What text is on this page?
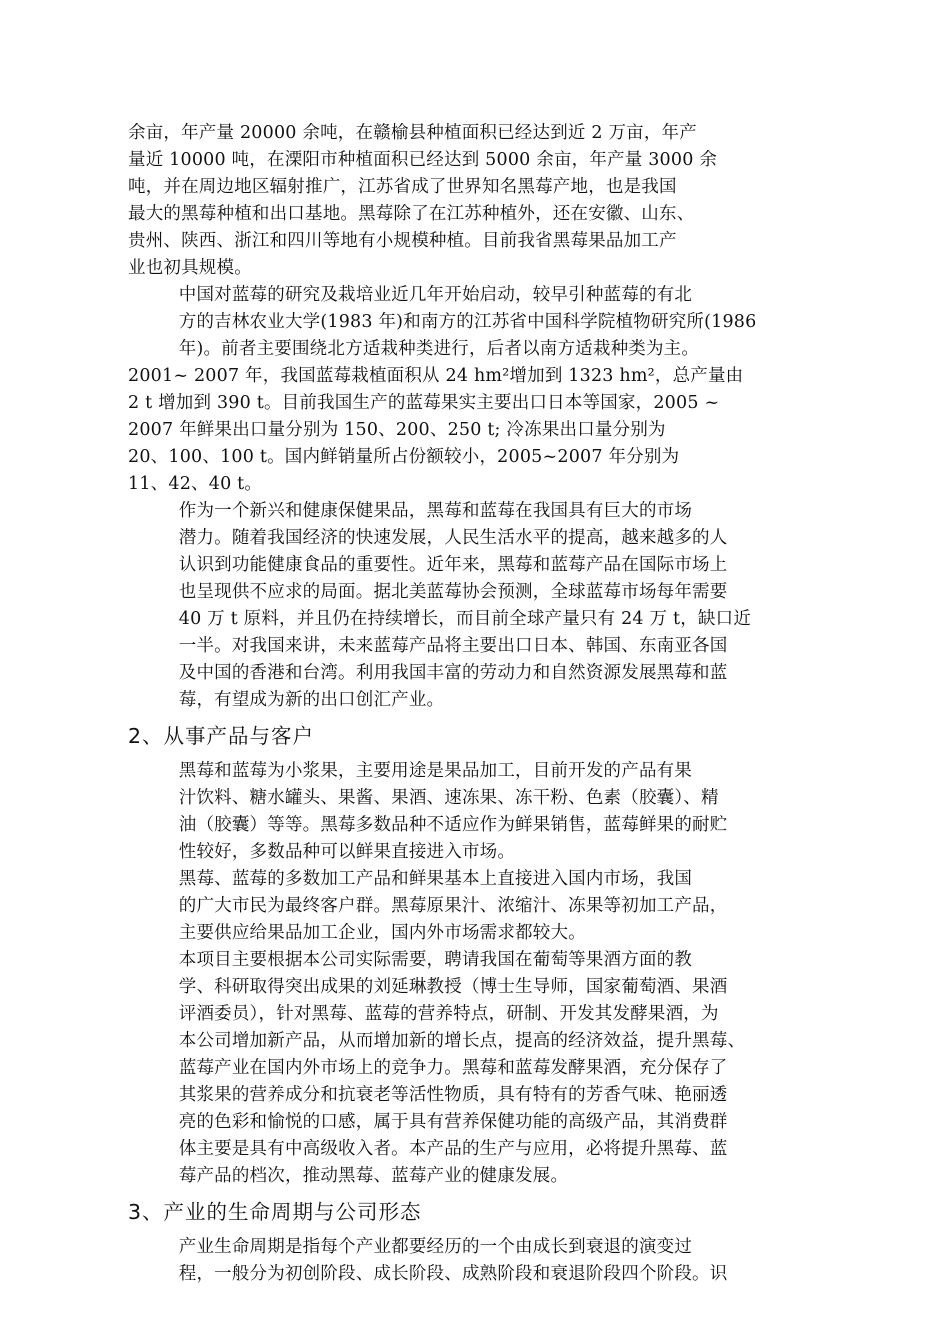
余亩，年产量 20000 余吨，在赣榆县种植面积已经达到近 2 万亩，年产
量近 10000 吨，在溧阳市种植面积已经达到 5000 余亩，年产量 3000 余
吨，并在周边地区辐射推广，江苏省成了世界知名黑莓产地，也是我国
最大的黑莓种植和出口基地。黑莓除了在江苏种植外，还在安徽、山东、
贵州、陕西、浙江和四川等地有小规模种植。目前我省黑莓果品加工产
业也初具规模。
中国对蓝莓的研究及栽培业近几年开始启动，较早引种蓝莓的有北
方的吉林农业大学(1983 年)和南方的江苏省中国科学院植物研究所(1986
年)。前者主要围绕北方适栽种类进行，后者以南方适栽种类为主。
2001~ 2007 年，我国蓝莓栽植面积从 24 hm²增加到 1323 hm²，总产量由
2 t 增加到 390 t。目前我国生产的蓝莓果实主要出口日本等国家，2005 ~
2007 年鲜果出口量分别为 150、200、250 t; 冷冻果出口量分别为
20、100、100 t。国内鲜销量所占份额较小，2005~2007 年分别为
11、42、40 t。
作为一个新兴和健康保健果品，黑莓和蓝莓在我国具有巨大的市场
潜力。随着我国经济的快速发展，人民生活水平的提高，越来越多的人
认识到功能健康食品的重要性。近年来，黑莓和蓝莓产品在国际市场上
也呈现供不应求的局面。据北美蓝莓协会预测，全球蓝莓市场每年需要
40 万 t 原料，并且仍在持续增长，而目前全球产量只有 24 万 t，缺口近
一半。对我国来讲，未来蓝莓产品将主要出口日本、韩国、东南亚各国
及中国的香港和台湾。利用我国丰富的劳动力和自然资源发展黑莓和蓝
莓，有望成为新的出口创汇产业。
2、从事产品与客户
黑莓和蓝莓为小浆果，主要用途是果品加工，目前开发的产品有果
汁饮料、糖水罐头、果酱、果酒、速冻果、冻干粉、色素（胶囊）、精
油（胶囊）等等。黑莓多数品种不适应作为鲜果销售，蓝莓鲜果的耐贮
性较好，多数品种可以鲜果直接进入市场。
黑莓、蓝莓的多数加工产品和鲜果基本上直接进入国内市场，我国
的广大市民为最终客户群。黑莓原果汁、浓缩汁、冻果等初加工产品，
主要供应给果品加工企业，国内外市场需求都较大。
本项目主要根据本公司实际需要，聘请我国在葡萄等果酒方面的教
学、科研取得突出成果的刘延琳教授（博士生导师，国家葡萄酒、果酒
评酒委员），针对黑莓、蓝莓的营养特点，研制、开发其发酵果酒，为
本公司增加新产品，从而增加新的增长点，提高的经济效益，提升黑莓、
蓝莓产业在国内外市场上的竞争力。黑莓和蓝莓发酵果酒，充分保存了
其浆果的营养成分和抗衰老等活性物质，具有特有的芳香气味、艳丽透
亮的色彩和愉悦的口感，属于具有营养保健功能的高级产品，其消费群
体主要是具有中高级收入者。本产品的生产与应用，必将提升黑莓、蓝
莓产品的档次，推动黑莓、蓝莓产业的健康发展。
3、产业的生命周期与公司形态
产业生命周期是指每个产业都要经历的一个由成长到衰退的演变过
程，一般分为初创阶段、成长阶段、成熟阶段和衰退阶段四个阶段。识
